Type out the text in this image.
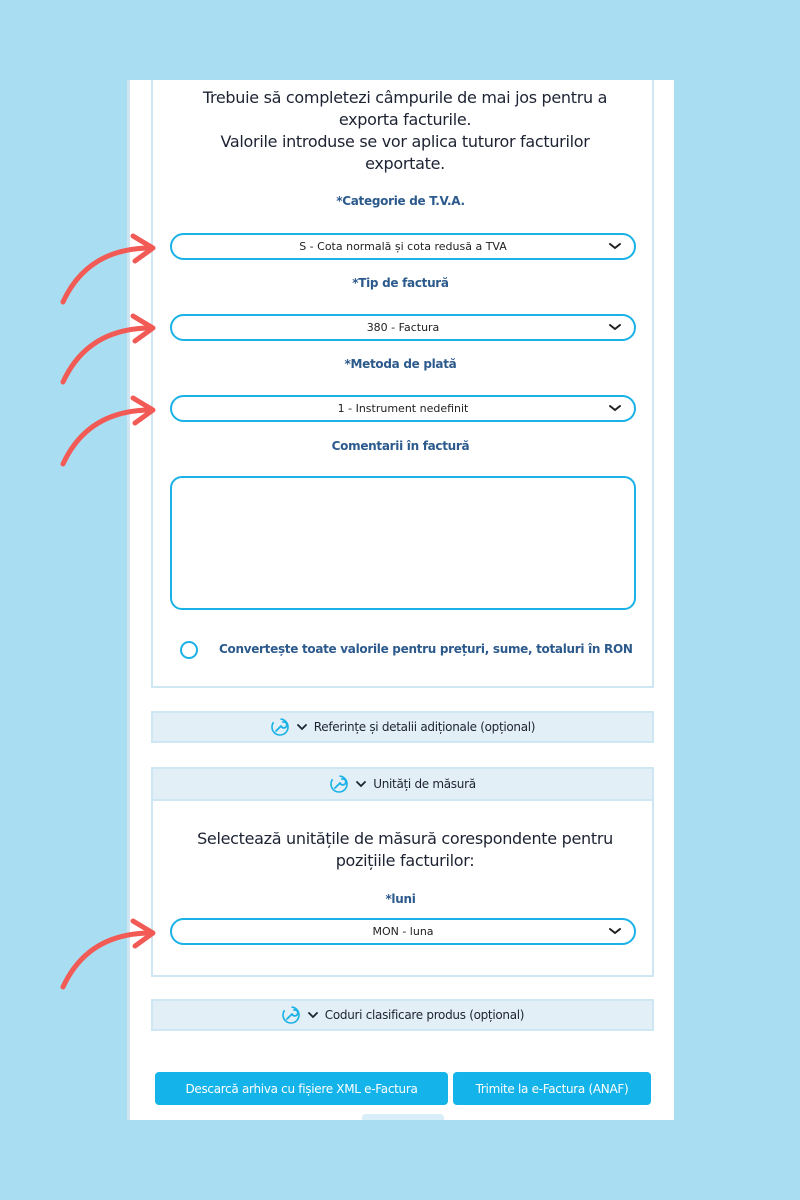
Trebuie să completezi câmpurile de mai jos pentru a
exporta facturile.
Valorile introduse se vor aplica tuturor facturilor
exportate.
*Categorie de T.V.A.
S - Cota normală și cota redusă a TVA
*Tip de factură
380 - Factura
*Metoda de plată
1 - Instrument nedefinit
Comentarii în factură
Convertește toate valorile pentru prețuri, sume, totaluri în RON
Referințe și detalii adiționale (opțional)
Unități de măsură
Selectează unitățile de măsură corespondente pentru
pozițiile facturilor:
*luni
MON - luna
Coduri clasificare produs (opțional)
Descarcă arhiva cu fișiere XML e-Factura	Trimite la e-Factura (ANAF)
